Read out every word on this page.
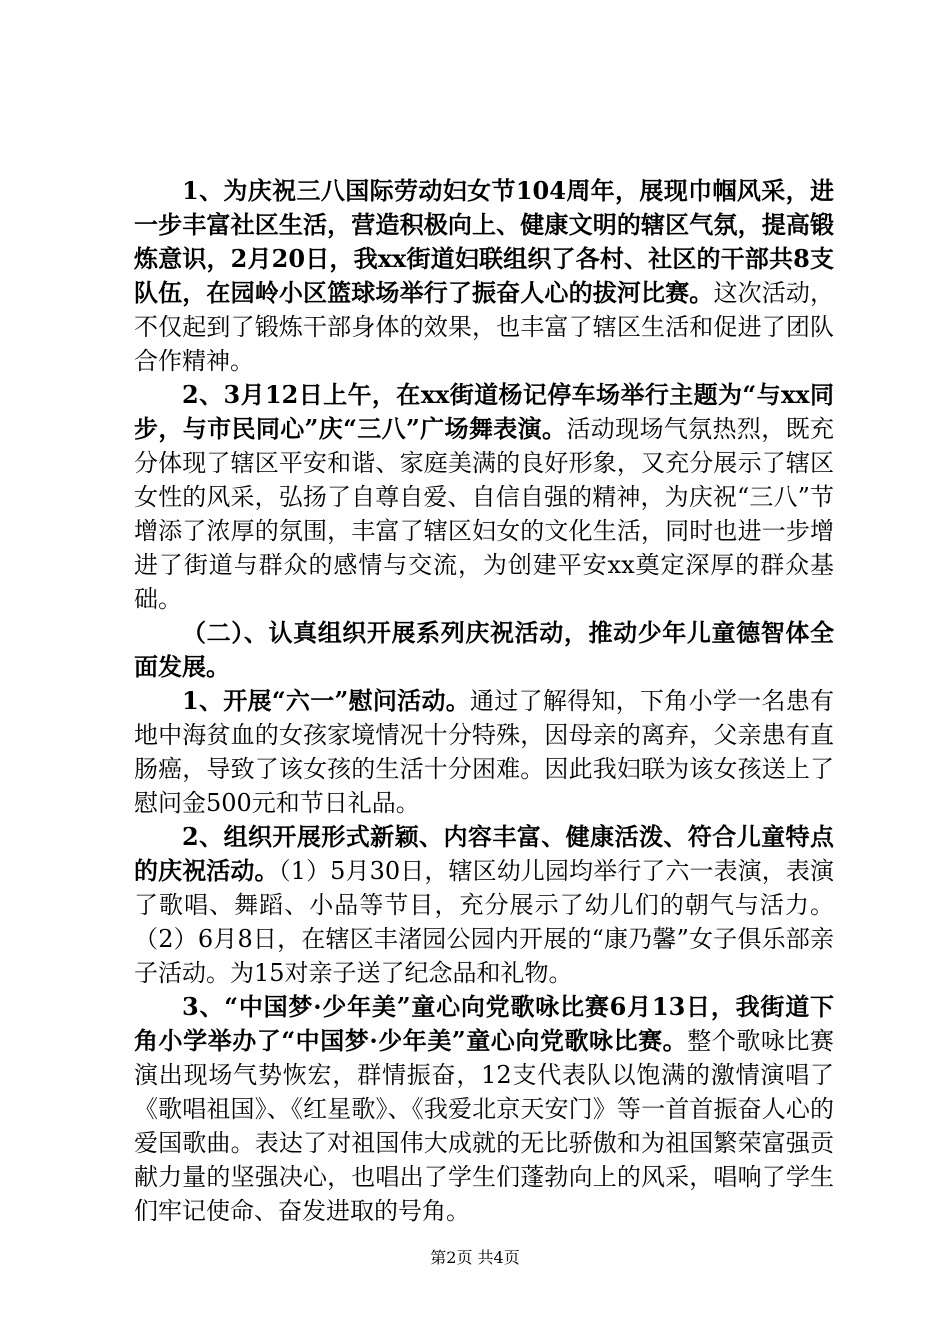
1、为庆祝三八国际劳动妇女节104周年，展现巾帼风采，进一步丰富社区生活，营造积极向上、健康文明的辖区气氛，提高锻炼意识，2月20日，我xx街道妇联组织了各村、社区的干部共8支队伍，在园岭小区篮球场举行了振奋人心的拔河比赛。这次活动，不仅起到了锻炼干部身体的效果，也丰富了辖区生活和促进了团队合作精神。

2、3月12日上午，在xx街道杨记停车场举行主题为“与xx同步，与市民同心”庆“三八”广场舞表演。活动现场气氛热烈，既充分体现了辖区平安和谐、家庭美满的良好形象，又充分展示了辖区女性的风采，弘扬了自尊自爱、自信自强的精神，为庆祝“三八”节增添了浓厚的氛围，丰富了辖区妇女的文化生活，同时也进一步增进了街道与群众的感情与交流，为创建平安xx奠定深厚的群众基础。

（二）、认真组织开展系列庆祝活动，推动少年儿童德智体全面发展。

1、开展“六一”慰问活动。通过了解得知，下角小学一名患有地中海贫血的女孩家境情况十分特殊，因母亲的离弃，父亲患有直肠癌，导致了该女孩的生活十分困难。因此我妇联为该女孩送上了慰问金500元和节日礼品。

2、组织开展形式新颖、内容丰富、健康活泼、符合儿童特点的庆祝活动。（1）5月30日，辖区幼儿园均举行了六一表演，表演了歌唱、舞蹈、小品等节目，充分展示了幼儿们的朝气与活力。（2）6月8日，在辖区丰渚园公园内开展的“康乃馨”女子俱乐部亲子活动。为15对亲子送了纪念品和礼物。

3、“中国梦·少年美”童心向党歌咏比赛6月13日，我街道下角小学举办了“中国梦·少年美”童心向党歌咏比赛。整个歌咏比赛演出现场气势恢宏，群情振奋，12支代表队以饱满的激情演唱了《歌唱祖国》、《红星歌》、《我爱北京天安门》等一首首振奋人心的爱国歌曲。表达了对祖国伟大成就的无比骄傲和为祖国繁荣富强贡献力量的坚强决心，也唱出了学生们蓬勃向上的风采，唱响了学生们牢记使命、奋发进取的号角。

第2页 共4页
